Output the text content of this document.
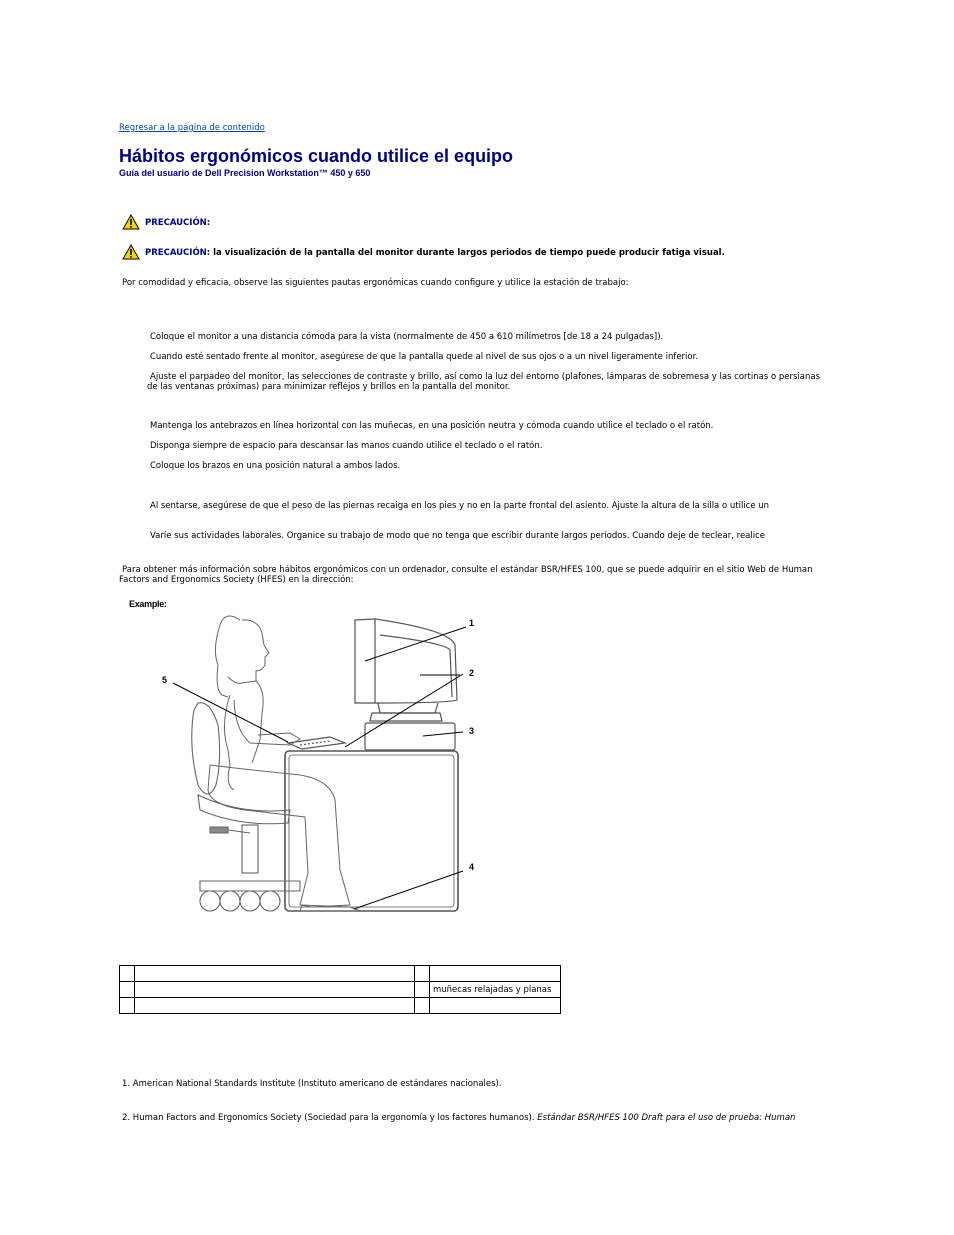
Regresar a la página de contenido
Hábitos ergonómicos cuando utilice el equipo
Guía del usuario de Dell Precision Workstation™ 450 y 650
PRECAUCIÓN:
PRECAUCIÓN: la visualización de la pantalla del monitor durante largos periodos de tiempo puede producir fatiga visual.
Por comodidad y eficacia, observe las siguientes pautas ergonómicas cuando configure y utilice la estación de trabajo:
Coloque el monitor a una distancia cómoda para la vista (normalmente de 450 a 610 milímetros [de 18 a 24 pulgadas]).
Cuando esté sentado frente al monitor, asegúrese de que la pantalla quede al nivel de sus ojos o a un nivel ligeramente inferior.
Ajuste el parpadeo del monitor, las selecciones de contraste y brillo, así como la luz del entorno (plafones, lámparas de sobremesa y las cortinas o persianas de las ventanas próximas) para minimizar reflejos y brillos en la pantalla del monitor.
Mantenga los antebrazos en línea horizontal con las muñecas, en una posición neutra y cómoda cuando utilice el teclado o el ratón.
Disponga siempre de espacio para descansar las manos cuando utilice el teclado o el ratón.
Coloque los brazos en una posición natural a ambos lados.
Al sentarse, asegúrese de que el peso de las piernas recaiga en los pies y no en la parte frontal del asiento. Ajuste la altura de la silla o utilice un
Varíe sus actividades laborales. Organice su trabajo de modo que no tenga que escribir durante largos períodos. Cuando deje de teclear, realice
Para obtener más información sobre hábitos ergonómicos con un ordenador, consulte el estándar BSR/HFES 100, que se puede adquirir en el sitio Web de Human Factors and Ergonomics Society (HFES) en la dirección:
Example:
1
2
3
4
5

			muñecas relajadas y planas

1. American National Standards Institute (Instituto americano de estándares nacionales).
2. Human Factors and Ergonomics Society (Sociedad para la ergonomía y los factores humanos). Estándar BSR/HFES 100 Draft para el uso de prueba: Human
